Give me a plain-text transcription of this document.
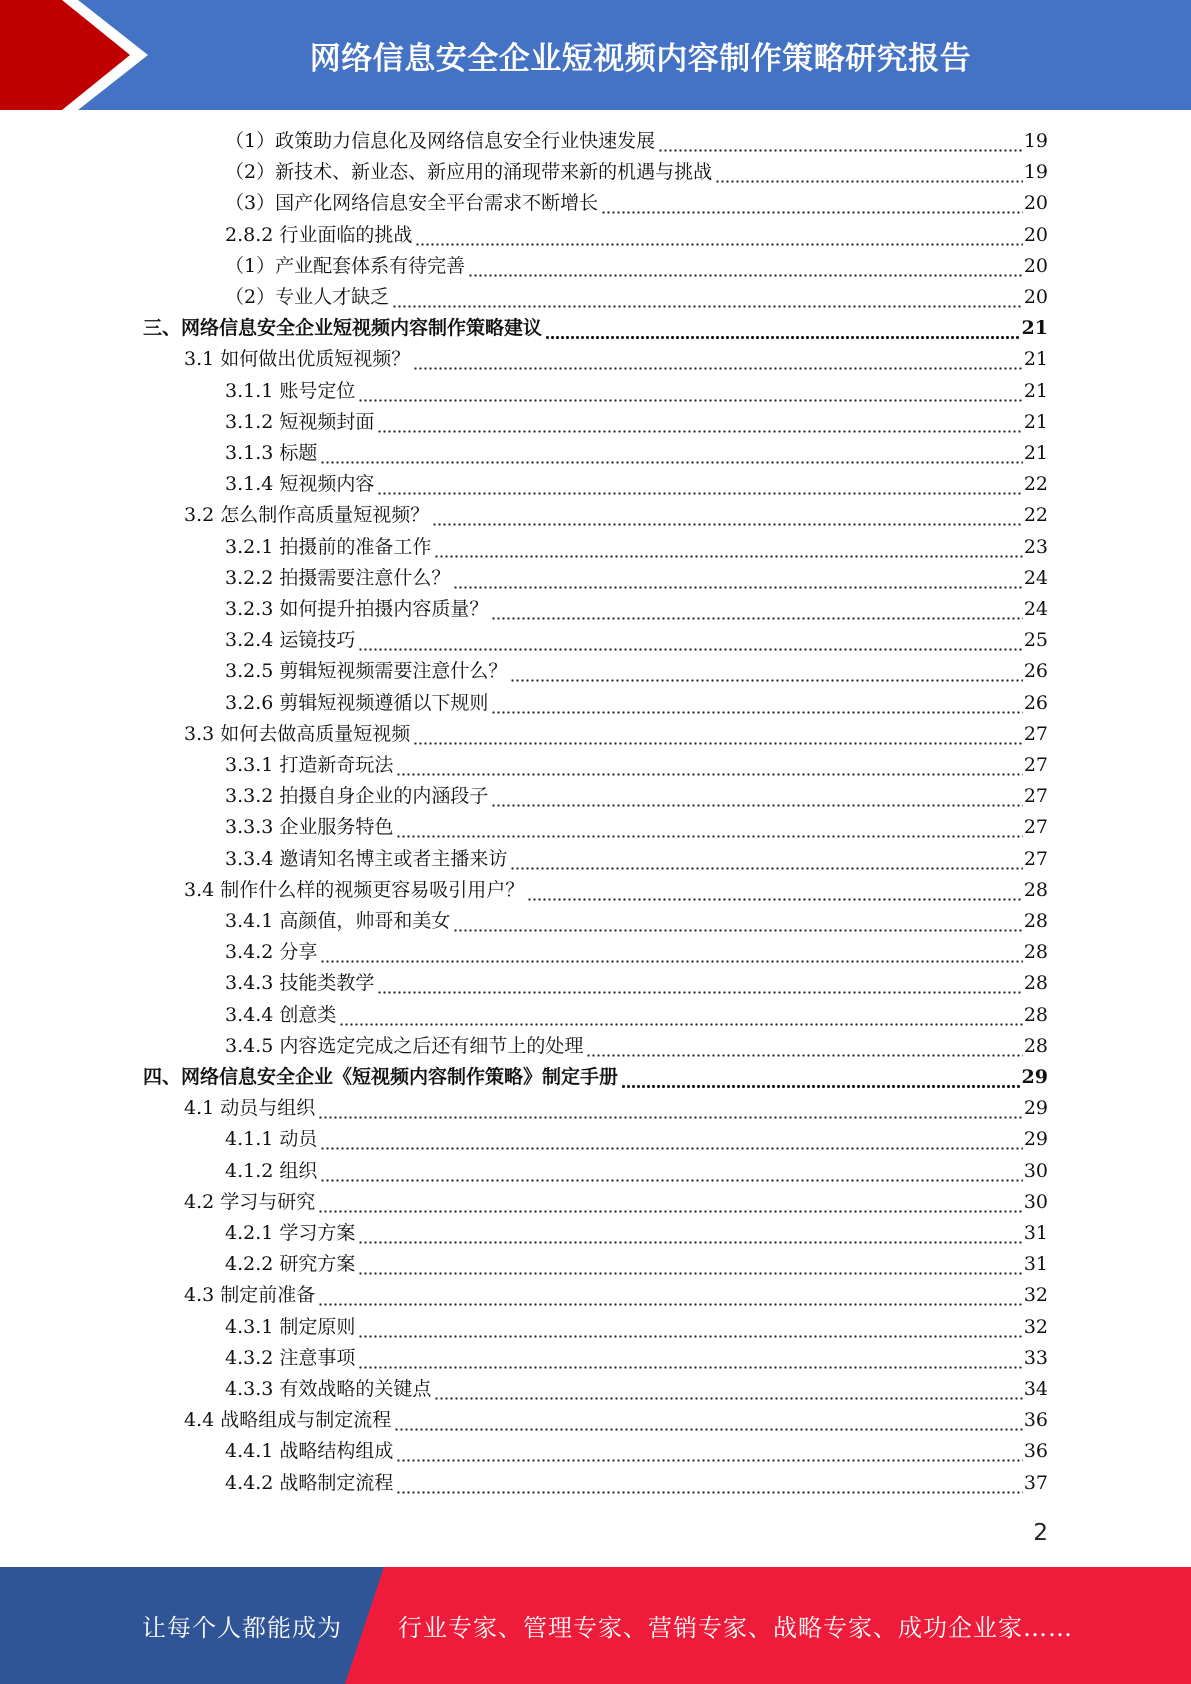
网络信息安全企业短视频内容制作策略研究报告
（1）政策助力信息化及网络信息安全行业快速发展	19
（2）新技术、新业态、新应用的涌现带来新的机遇与挑战	19
（3）国产化网络信息安全平台需求不断增长	20
2.8.2 行业面临的挑战	20
（1）产业配套体系有待完善	20
（2）专业人才缺乏	20
三、网络信息安全企业短视频内容制作策略建议	21
3.1 如何做出优质短视频？	21
3.1.1 账号定位	21
3.1.2 短视频封面	21
3.1.3 标题	21
3.1.4 短视频内容	22
3.2 怎么制作高质量短视频？	22
3.2.1 拍摄前的准备工作	23
3.2.2 拍摄需要注意什么？	24
3.2.3 如何提升拍摄内容质量？	24
3.2.4 运镜技巧	25
3.2.5 剪辑短视频需要注意什么？	26
3.2.6 剪辑短视频遵循以下规则	26
3.3 如何去做高质量短视频	27
3.3.1 打造新奇玩法	27
3.3.2 拍摄自身企业的内涵段子	27
3.3.3 企业服务特色	27
3.3.4 邀请知名博主或者主播来访	27
3.4 制作什么样的视频更容易吸引用户？	28
3.4.1 高颜值，帅哥和美女	28
3.4.2 分享	28
3.4.3 技能类教学	28
3.4.4 创意类	28
3.4.5 内容选定完成之后还有细节上的处理	28
四、网络信息安全企业《短视频内容制作策略》制定手册	29
4.1 动员与组织	29
4.1.1 动员	29
4.1.2 组织	30
4.2 学习与研究	30
4.2.1 学习方案	31
4.2.2 研究方案	31
4.3 制定前准备	32
4.3.1 制定原则	32
4.3.2 注意事项	33
4.3.3 有效战略的关键点	34
4.4 战略组成与制定流程	36
4.4.1 战略结构组成	36
4.4.2 战略制定流程	37
2
让每个人都能成为 行业专家、管理专家、营销专家、战略专家、成功企业家……
